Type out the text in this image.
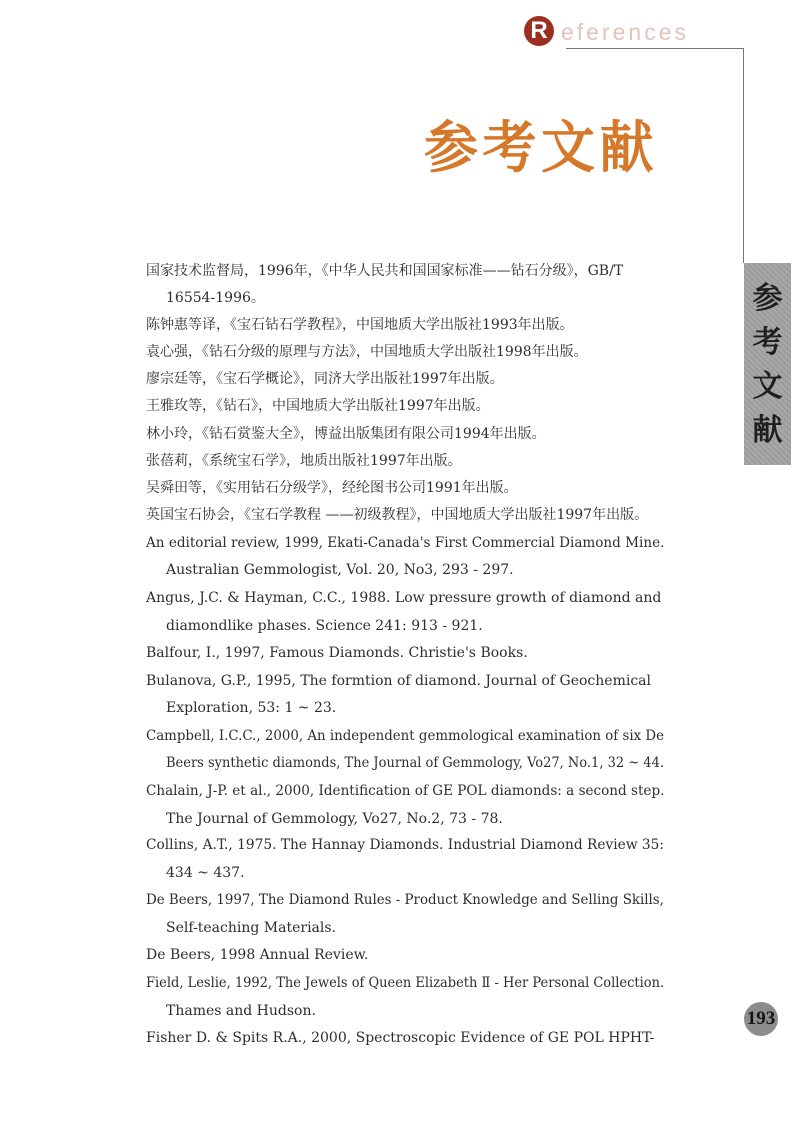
R eferences
参考文献
参
考
文
献
国家技术监督局，1996年，《中华人民共和国国家标准——钻石分级》，GB/T
16554-1996。
陈钟惠等译，《宝石钻石学教程》，中国地质大学出版社1993年出版。
袁心强，《钻石分级的原理与方法》，中国地质大学出版社1998年出版。
廖宗廷等，《宝石学概论》，同济大学出版社1997年出版。
王雅玫等，《钻石》，中国地质大学出版社1997年出版。
林小玲，《钻石赏鉴大全》，博益出版集团有限公司1994年出版。
张蓓莉，《系统宝石学》，地质出版社1997年出版。
吴舜田等，《实用钻石分级学》，经纶图书公司1991年出版。
英国宝石协会，《宝石学教程 ——初级教程》，中国地质大学出版社1997年出版。
An editorial review, 1999, Ekati-Canada's First Commercial Diamond Mine.
Australian Gemmologist, Vol. 20, No3, 293 - 297.
Angus, J.C. & Hayman, C.C., 1988. Low pressure growth of diamond and
diamondlike phases. Science 241: 913 - 921.
Balfour, I., 1997, Famous Diamonds. Christie's Books.
Bulanova, G.P., 1995, The formtion of diamond. Journal of Geochemical
Exploration, 53: 1 ~ 23.
Campbell, I.C.C., 2000, An independent gemmological examination of six De
Beers synthetic diamonds, The Journal of Gemmology, Vo27, No.1, 32 ~ 44.
Chalain, J-P. et al., 2000, Identification of GE POL diamonds: a second step.
The Journal of Gemmology, Vo27, No.2, 73 - 78.
Collins, A.T., 1975. The Hannay Diamonds. Industrial Diamond Review 35:
434 ~ 437.
De Beers, 1997, The Diamond Rules - Product Knowledge and Selling Skills,
Self-teaching Materials.
De Beers, 1998 Annual Review.
Field, Leslie, 1992, The Jewels of Queen Elizabeth Ⅱ - Her Personal Collection.
Thames and Hudson.
Fisher D. & Spits R.A., 2000, Spectroscopic Evidence of GE POL HPHT-
193
